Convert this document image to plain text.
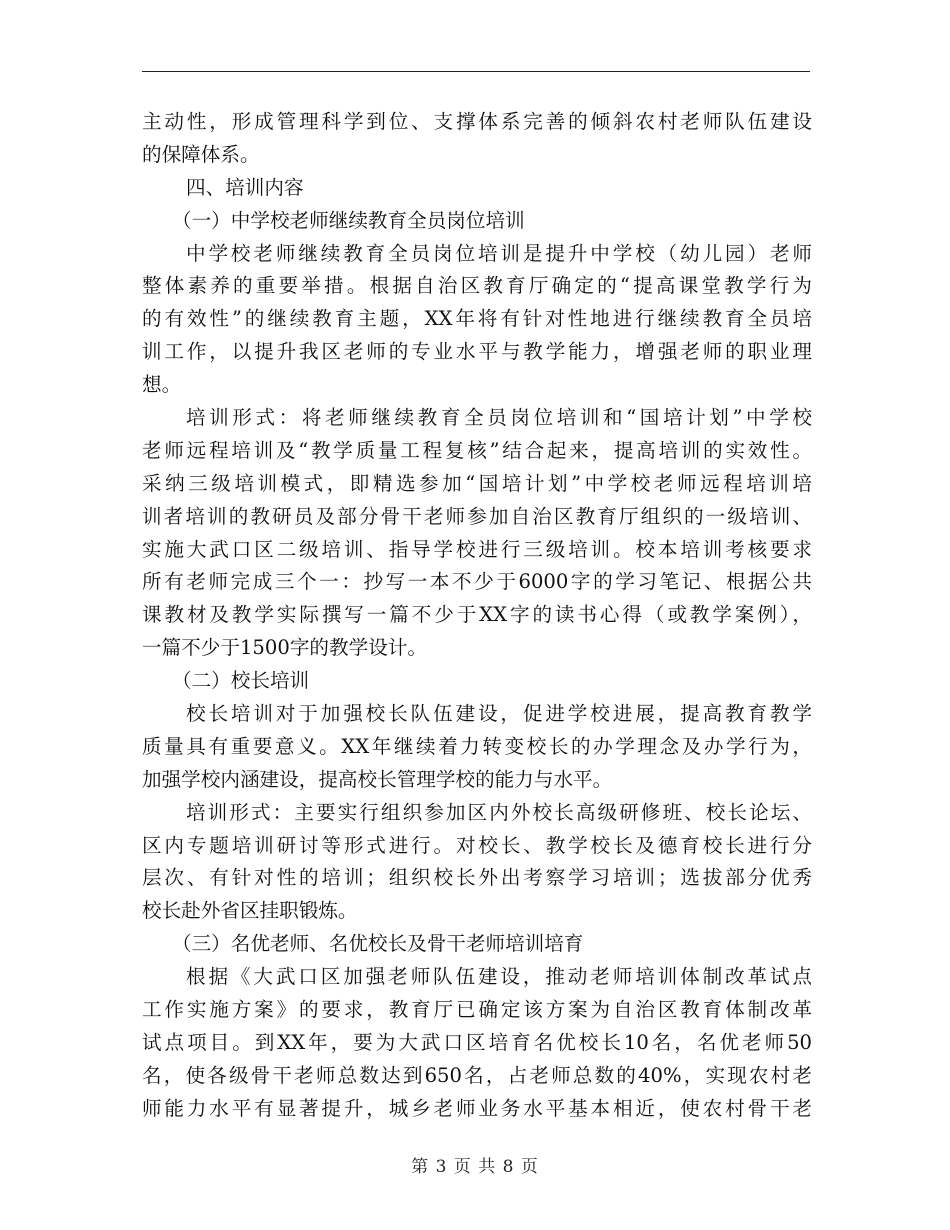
主动性，形成管理科学到位、支撑体系完善的倾斜农村老师队伍建设
的保障体系。
四、培训内容
（一）中学校老师继续教育全员岗位培训
中学校老师继续教育全员岗位培训是提升中学校（幼儿园）老师
整体素养的重要举措。根据自治区教育厅确定的“提高课堂教学行为
的有效性”的继续教育主题，XX年将有针对性地进行继续教育全员培
训工作，以提升我区老师的专业水平与教学能力，增强老师的职业理
想。
培训形式：将老师继续教育全员岗位培训和“国培计划”中学校
老师远程培训及“教学质量工程复核”结合起来，提高培训的实效性。
采纳三级培训模式，即精选参加“国培计划”中学校老师远程培训培
训者培训的教研员及部分骨干老师参加自治区教育厅组织的一级培训、
实施大武口区二级培训、指导学校进行三级培训。校本培训考核要求
所有老师完成三个一：抄写一本不少于6000字的学习笔记、根据公共
课教材及教学实际撰写一篇不少于XX字的读书心得（或教学案例），
一篇不少于1500字的教学设计。
（二）校长培训
校长培训对于加强校长队伍建设，促进学校进展，提高教育教学
质量具有重要意义。XX年继续着力转变校长的办学理念及办学行为，
加强学校内涵建设，提高校长管理学校的能力与水平。
培训形式：主要实行组织参加区内外校长高级研修班、校长论坛、
区内专题培训研讨等形式进行。对校长、教学校长及德育校长进行分
层次、有针对性的培训；组织校长外出考察学习培训；选拔部分优秀
校长赴外省区挂职锻炼。
（三）名优老师、名优校长及骨干老师培训培育
根据《大武口区加强老师队伍建设，推动老师培训体制改革试点
工作实施方案》的要求，教育厅已确定该方案为自治区教育体制改革
试点项目。到XX年，要为大武口区培育名优校长10名，名优老师50
名，使各级骨干老师总数达到650名，占老师总数的40%，实现农村老
师能力水平有显著提升，城乡老师业务水平基本相近，使农村骨干老
第 3 页 共 8 页
